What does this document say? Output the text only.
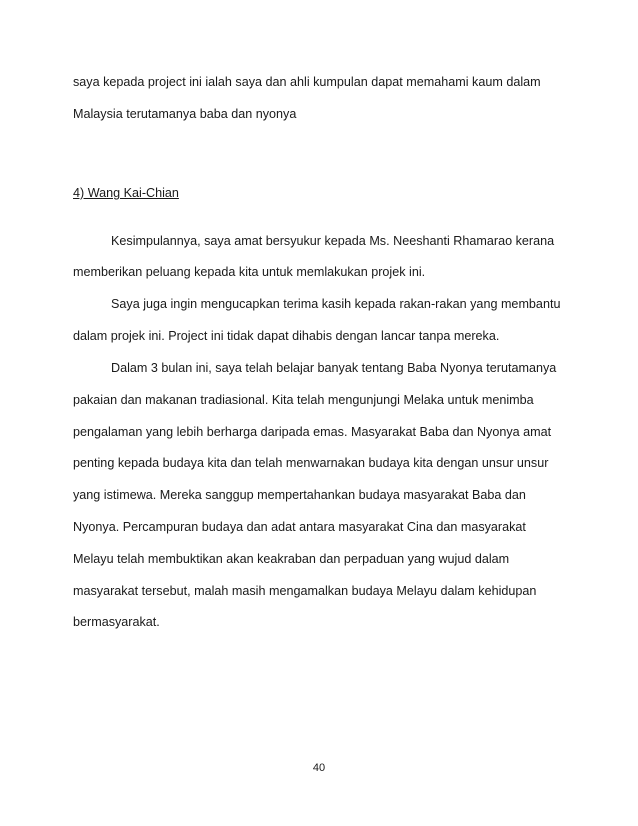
saya kepada project ini ialah saya dan ahli kumpulan dapat memahami kaum dalam
Malaysia terutamanya baba dan nyonya
4) Wang Kai-Chian
Kesimpulannya, saya amat bersyukur kepada Ms. Neeshanti Rhamarao kerana
memberikan peluang kepada kita untuk memlakukan projek ini.
Saya juga ingin mengucapkan terima kasih kepada rakan-rakan yang membantu
dalam projek ini. Project ini tidak dapat dihabis dengan lancar tanpa mereka.
Dalam 3 bulan ini, saya telah belajar banyak tentang Baba Nyonya terutamanya
pakaian dan makanan tradiasional. Kita telah mengunjungi Melaka untuk menimba
pengalaman yang lebih berharga daripada emas. Masyarakat Baba dan Nyonya amat
penting kepada budaya kita dan telah menwarnakan budaya kita dengan unsur unsur
yang istimewa. Mereka sanggup mempertahankan budaya masyarakat Baba dan
Nyonya. Percampuran budaya dan adat antara masyarakat Cina dan masyarakat
Melayu telah membuktikan akan keakraban dan perpaduan yang wujud dalam
masyarakat tersebut, malah masih mengamalkan budaya Melayu dalam kehidupan
bermasyarakat.
40
